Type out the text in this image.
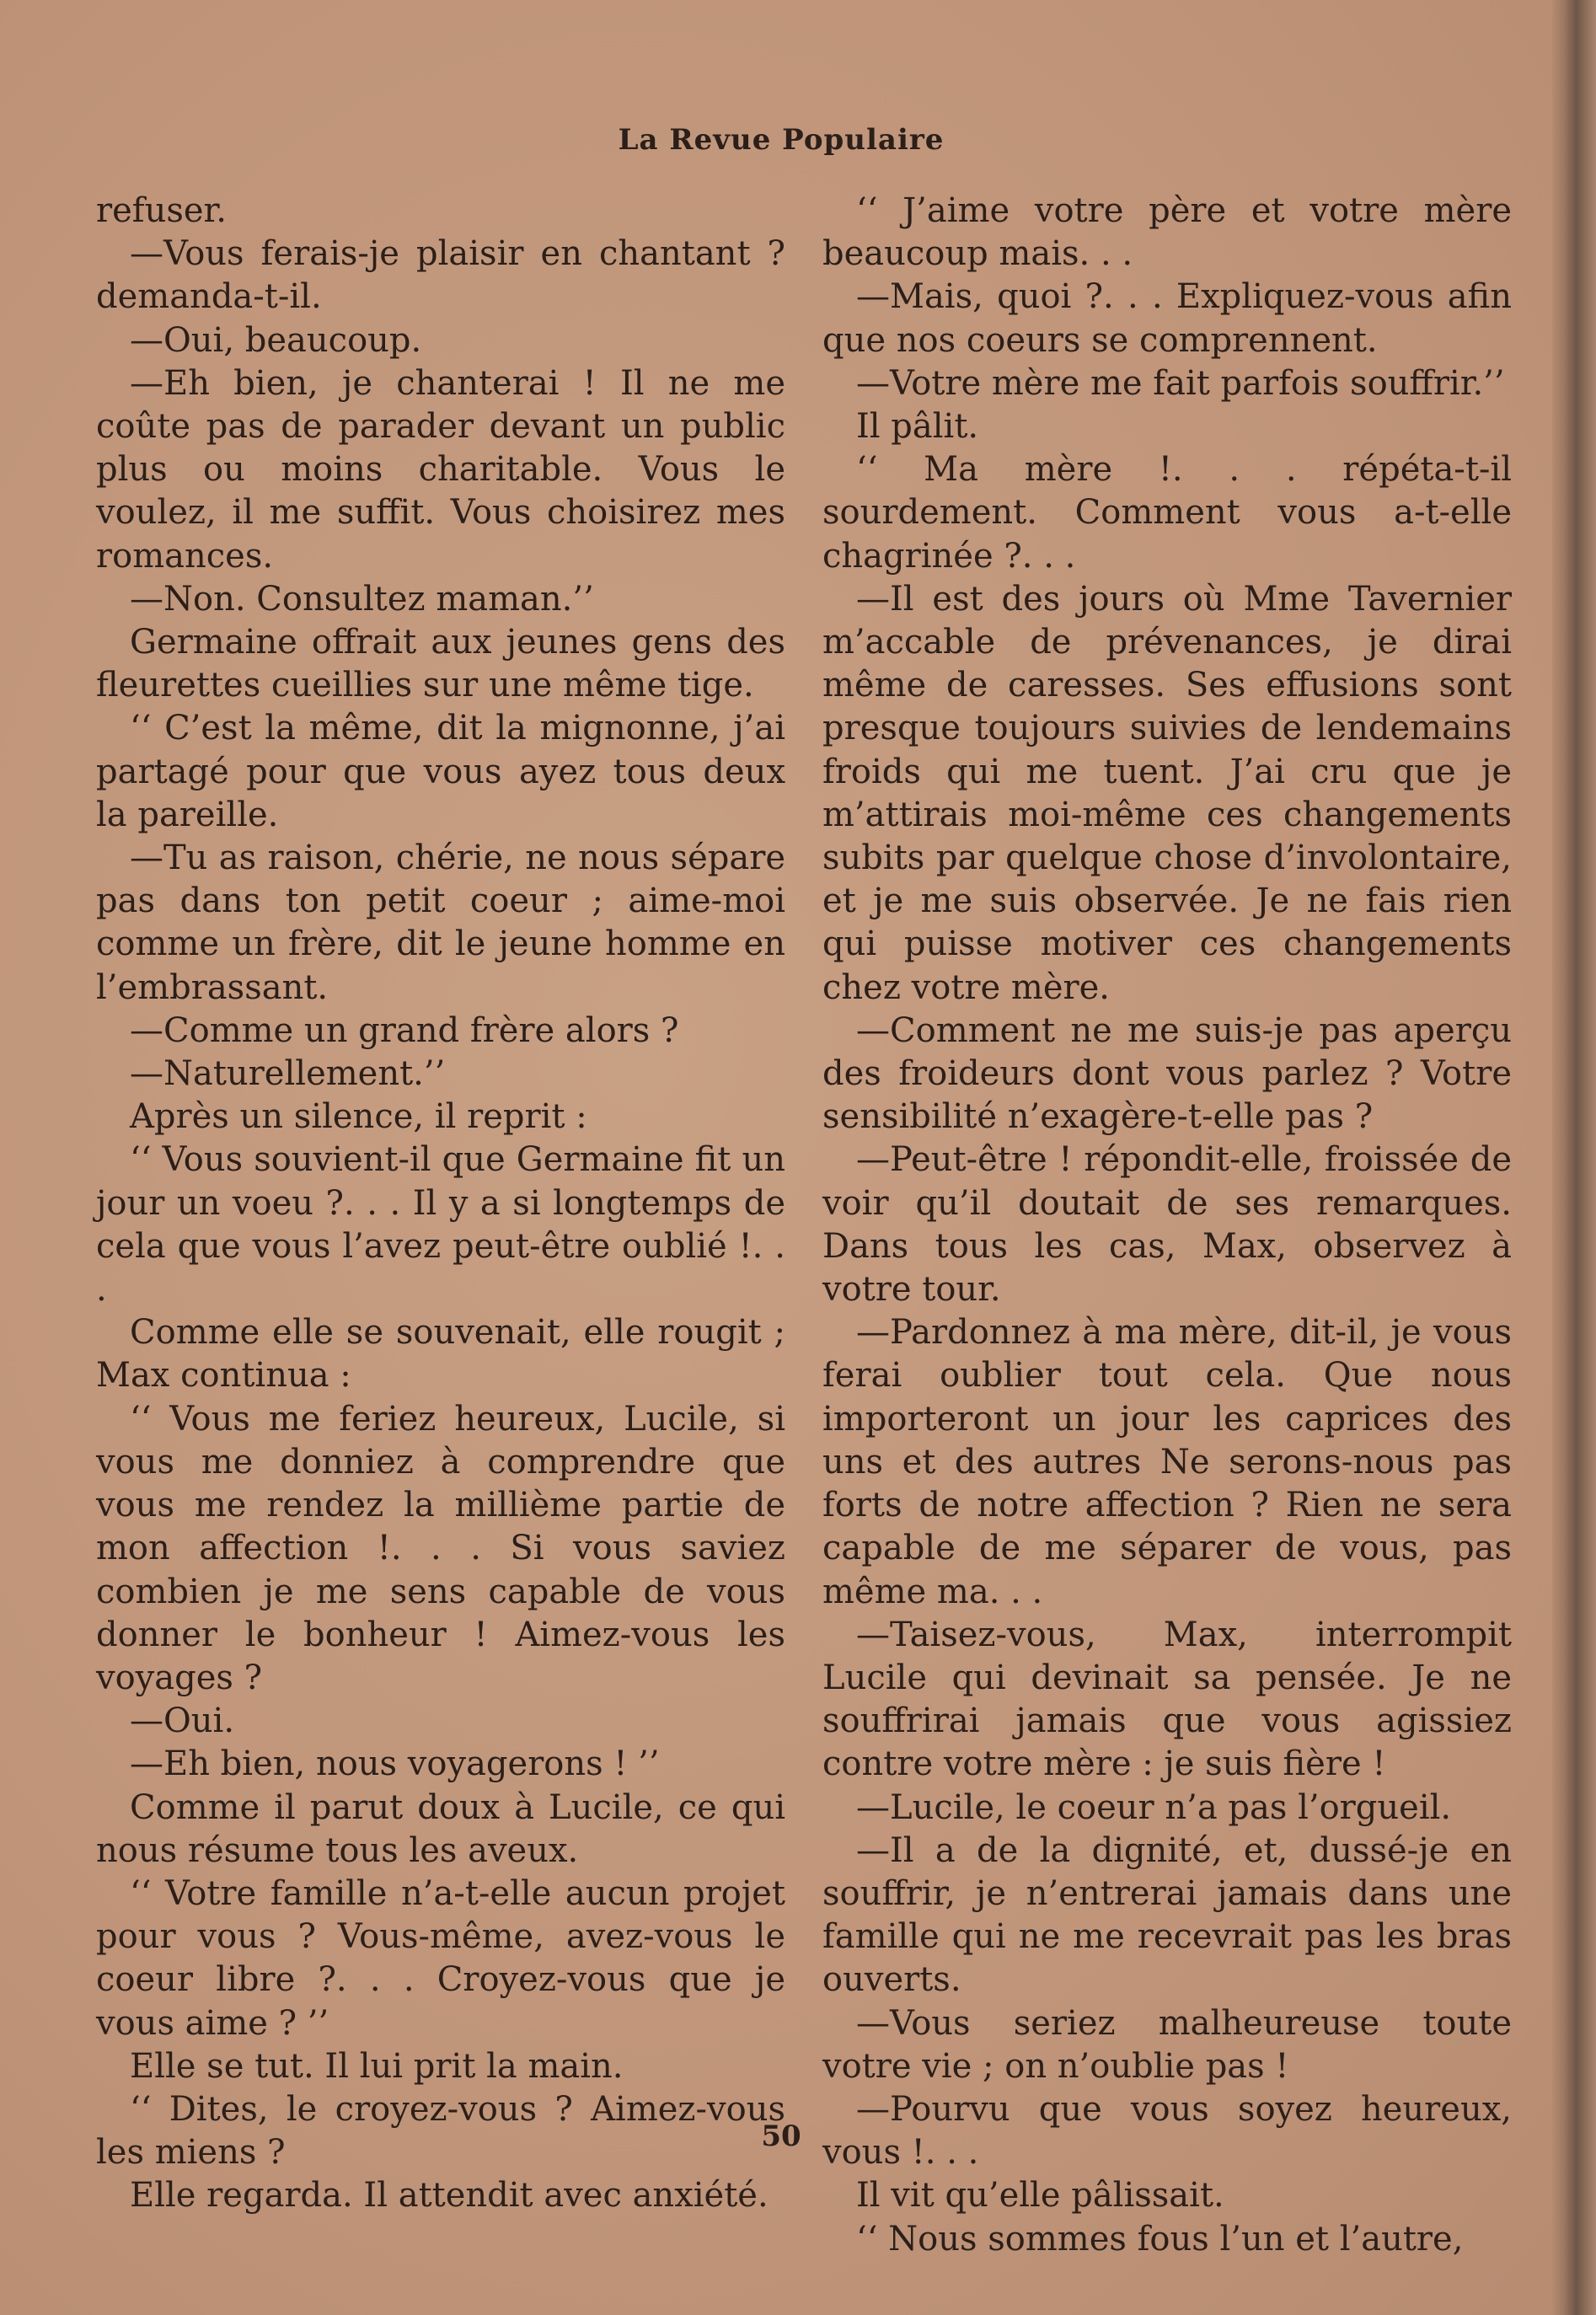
La Revue Populaire

refuser.

—Vous ferais-je plaisir en chantant ? demanda-t-il.

—Oui, beaucoup.

—Eh bien, je chanterai ! Il ne me coûte pas de parader devant un public plus ou moins charitable. Vous le voulez, il me suffit. Vous choisirez mes romances.

—Non. Consultez maman.’’

Germaine offrait aux jeunes gens des fleurettes cueillies sur une même tige.

‘‘ C’est la même, dit la mignonne, j’ai partagé pour que vous ayez tous deux la pareille.

—Tu as raison, chérie, ne nous sépare pas dans ton petit coeur ; aime-moi comme un frère, dit le jeune homme en l’embrassant.

—Comme un grand frère alors ?

—Naturellement.’’

Après un silence, il reprit :

‘‘ Vous souvient-il que Germaine fit un jour un voeu ?. . . Il y a si longtemps de cela que vous l’avez peut-être oublié !. . .

Comme elle se souvenait, elle rougit ; Max continua :

‘‘ Vous me feriez heureux, Lucile, si vous me donniez à comprendre que vous me rendez la millième partie de mon affection !. . . Si vous saviez combien je me sens capable de vous donner le bonheur ! Aimez-vous les voyages ?

—Oui.

—Eh bien, nous voyagerons ! ’’

Comme il parut doux à Lucile, ce qui nous résume tous les aveux.

‘‘ Votre famille n’a-t-elle aucun projet pour vous ? Vous-même, avez-vous le coeur libre ?. . . Croyez-vous que je vous aime ? ’’

Elle se tut. Il lui prit la main.

‘‘ Dites, le croyez-vous ? Aimez-vous les miens ?

Elle regarda. Il attendit avec anxiété.

‘‘ J’aime votre père et votre mère beaucoup mais. . .

—Mais, quoi ?. . . Expliquez-vous afin que nos coeurs se comprennent.

—Votre mère me fait parfois souffrir.’’

Il pâlit.

‘‘ Ma mère !. . . répéta-t-il sourdement. Comment vous a-t-elle chagrinée ?. . .

—Il est des jours où Mme Tavernier m’accable de prévenances, je dirai même de caresses. Ses effusions sont presque toujours suivies de lendemains froids qui me tuent. J’ai cru que je m’attirais moi-même ces changements subits par quelque chose d’involontaire, et je me suis observée. Je ne fais rien qui puisse motiver ces changements chez votre mère.

—Comment ne me suis-je pas aperçu des froideurs dont vous parlez ? Votre sensibilité n’exagère-t-elle pas ?

—Peut-être ! répondit-elle, froissée de voir qu’il doutait de ses remarques. Dans tous les cas, Max, observez à votre tour.

—Pardonnez à ma mère, dit-il, je vous ferai oublier tout cela. Que nous importeront un jour les caprices des uns et des autres Ne serons-nous pas forts de notre affection ? Rien ne sera capable de me séparer de vous, pas même ma. . .

—Taisez-vous, Max, interrompit Lucile qui devinait sa pensée. Je ne souffrirai jamais que vous agissiez contre votre mère : je suis fière !

—Lucile, le coeur n’a pas l’orgueil.

—Il a de la dignité, et, dussé-je en souffrir, je n’entrerai jamais dans une famille qui ne me recevrait pas les bras ouverts.

—Vous seriez malheureuse toute votre vie ; on n’oublie pas !

—Pourvu que vous soyez heureux, vous !. . .

Il vit qu’elle pâlissait.

‘‘ Nous sommes fous l’un et l’autre,

50
